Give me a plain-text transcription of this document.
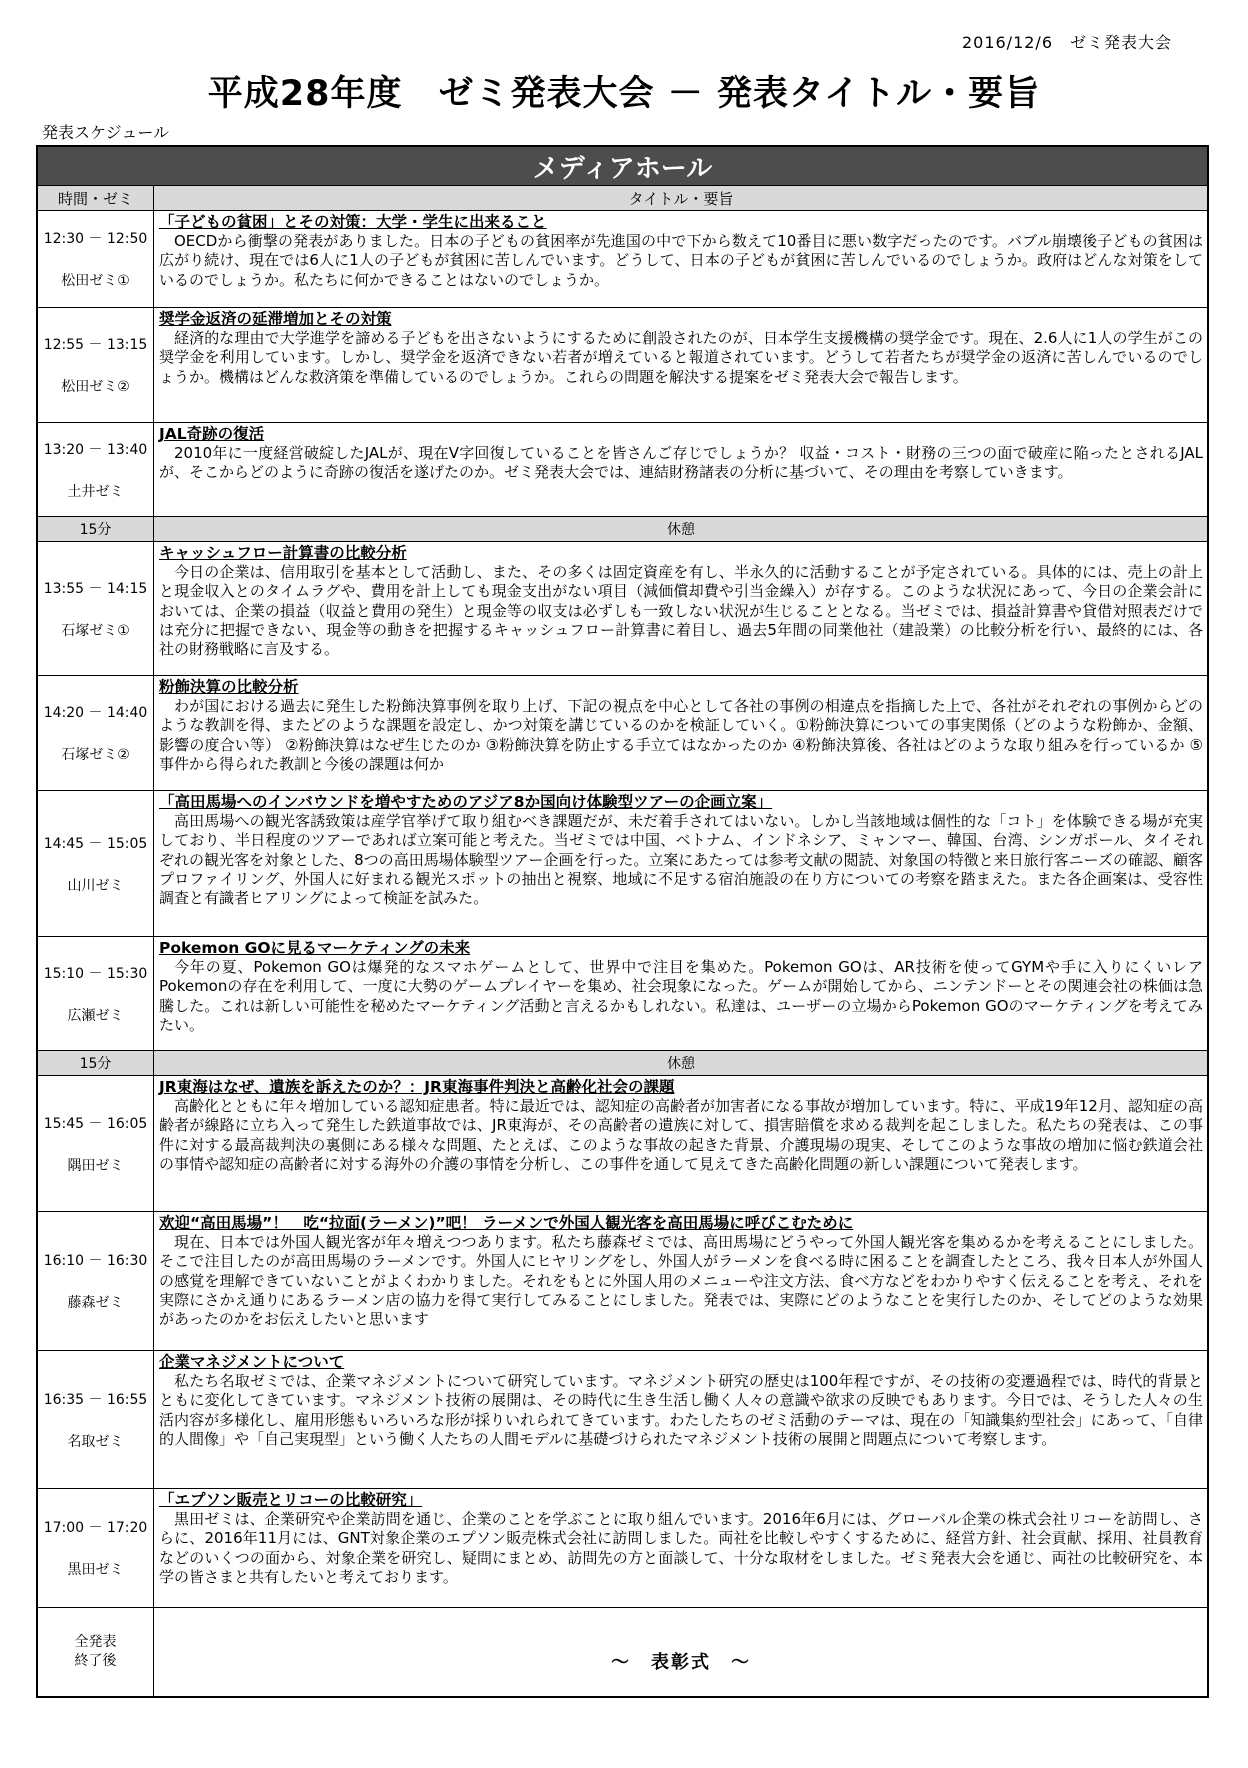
2016/12/6　ゼミ発表大会
平成28年度　ゼミ発表大会 － 発表タイトル・要旨
発表スケジュール
メディアホール
時間・ゼミ	タイトル・要旨
12:30 － 12:50
松田ゼミ①
「子どもの貧困」とその対策：大学・学生に出来ること
OECDから衝撃の発表がありました。日本の子どもの貧困率が先進国の中で下から数えて10番目に悪い数字だったのです。バブル崩壊後子どもの貧困は広がり続け、現在では6人に1人の子どもが貧困に苦しんでいます。どうして、日本の子どもが貧困に苦しんでいるのでしょうか。政府はどんな対策をしているのでしょうか。私たちに何かできることはないのでしょうか。
12:55 － 13:15
松田ゼミ②
奨学金返済の延滞増加とその対策
経済的な理由で大学進学を諦める子どもを出さないようにするために創設されたのが、日本学生支援機構の奨学金です。現在、2.6人に1人の学生がこの奨学金を利用しています。しかし、奨学金を返済できない若者が増えていると報道されています。どうして若者たちが奨学金の返済に苦しんでいるのでしょうか。機構はどんな救済策を準備しているのでしょうか。これらの問題を解決する提案をゼミ発表大会で報告します。
13:20 － 13:40
土井ゼミ
JAL奇跡の復活
2010年に一度経営破綻したJALが、現在V字回復していることを皆さんご存じでしょうか？ 収益・コスト・財務の三つの面で破産に陥ったとされるJALが、そこからどのように奇跡の復活を遂げたのか。ゼミ発表大会では、連結財務諸表の分析に基づいて、その理由を考察していきます。
15分	休憩
13:55 － 14:15
石塚ゼミ①
キャッシュフロー計算書の比較分析
今日の企業は、信用取引を基本として活動し、また、その多くは固定資産を有し、半永久的に活動することが予定されている。具体的には、売上の計上と現金収入とのタイムラグや、費用を計上しても現金支出がない項目（減価償却費や引当金繰入）が存する。このような状況にあって、今日の企業会計においては、企業の損益（収益と費用の発生）と現金等の収支は必ずしも一致しない状況が生じることとなる。当ゼミでは、損益計算書や貸借対照表だけでは充分に把握できない、現金等の動きを把握するキャッシュフロー計算書に着目し、過去5年間の同業他社（建設業）の比較分析を行い、最終的には、各社の財務戦略に言及する。
14:20 － 14:40
石塚ゼミ②
粉飾決算の比較分析
わが国における過去に発生した粉飾決算事例を取り上げ、下記の視点を中心として各社の事例の相違点を指摘した上で、各社がそれぞれの事例からどのような教訓を得、またどのような課題を設定し、かつ対策を講じているのかを検証していく。①粉飾決算についての事実関係（どのような粉飾か、金額、影響の度合い等） ②粉飾決算はなぜ生じたのか ③粉飾決算を防止する手立てはなかったのか ④粉飾決算後、各社はどのような取り組みを行っているか ⑤事件から得られた教訓と今後の課題は何か
14:45 － 15:05
山川ゼミ
「高田馬場へのインバウンドを増やすためのアジア8か国向け体験型ツアーの企画立案」
高田馬場への観光客誘致策は産学官挙げて取り組むべき課題だが、未だ着手されてはいない。しかし当該地域は個性的な「コト」を体験できる場が充実しており、半日程度のツアーであれば立案可能と考えた。当ゼミでは中国、ベトナム、インドネシア、ミャンマー、韓国、台湾、シンガポール、タイそれぞれの観光客を対象とした、8つの高田馬場体験型ツアー企画を行った。立案にあたっては参考文献の閲読、対象国の特徴と来日旅行客ニーズの確認、顧客プロファイリング、外国人に好まれる観光スポットの抽出と視察、地域に不足する宿泊施設の在り方についての考察を踏まえた。また各企画案は、受容性調査と有識者ヒアリングによって検証を試みた。
15:10 － 15:30
広瀬ゼミ
Pokemon GOに見るマーケティングの未来
今年の夏、Pokemon GOは爆発的なスマホゲームとして、世界中で注目を集めた。Pokemon GOは、AR技術を使ってGYMや手に入りにくいレアPokemonの存在を利用して、一度に大勢のゲームプレイヤーを集め、社会現象になった。ゲームが開始してから、ニンテンドーとその関連会社の株価は急騰した。これは新しい可能性を秘めたマーケティング活動と言えるかもしれない。私達は、ユーザーの立場からPokemon GOのマーケティングを考えてみたい。
15分	休憩
15:45 － 16:05
隅田ゼミ
JR東海はなぜ、遺族を訴えたのか？：JR東海事件判決と高齢化社会の課題
高齢化とともに年々増加している認知症患者。特に最近では、認知症の高齢者が加害者になる事故が増加しています。特に、平成19年12月、認知症の高齢者が線路に立ち入って発生した鉄道事故では、JR東海が、その高齢者の遺族に対して、損害賠償を求める裁判を起こしました。私たちの発表は、この事件に対する最高裁判決の裏側にある様々な問題、たとえば、このような事故の起きた背景、介護現場の現実、そしてこのような事故の増加に悩む鉄道会社の事情や認知症の高齢者に対する海外の介護の事情を分析し、この事件を通して見えてきた高齢化問題の新しい課題について発表します。
16:10 － 16:30
藤森ゼミ
欢迎“高田馬場”！　吃“拉面(ラーメン)”吧！ ラーメンで外国人観光客を高田馬場に呼びこむために
現在、日本では外国人観光客が年々増えつつあります。私たち藤森ゼミでは、高田馬場にどうやって外国人観光客を集めるかを考えることにしました。そこで注目したのが高田馬場のラーメンです。外国人にヒヤリングをし、外国人がラーメンを食べる時に困ることを調査したところ、我々日本人が外国人の感覚を理解できていないことがよくわかりました。それをもとに外国人用のメニューや注文方法、食べ方などをわかりやすく伝えることを考え、それを実際にさかえ通りにあるラーメン店の協力を得て実行してみることにしました。発表では、実際にどのようなことを実行したのか、そしてどのような効果があったのかをお伝えしたいと思います
16:35 － 16:55
名取ゼミ
企業マネジメントについて
私たち名取ゼミでは、企業マネジメントについて研究しています。マネジメント研究の歴史は100年程ですが、その技術の変遷過程では、時代的背景とともに変化してきています。マネジメント技術の展開は、その時代に生き生活し働く人々の意識や欲求の反映でもあります。今日では、そうした人々の生活内容が多様化し、雇用形態もいろいろな形が採りいれられてきています。わたしたちのゼミ活動のテーマは、現在の「知識集約型社会」にあって、「自律的人間像」や「自己実現型」という働く人たちの人間モデルに基礎づけられたマネジメント技術の展開と問題点について考察します。
17:00 － 17:20
黒田ゼミ
「エプソン販売とリコーの比較研究」
黒田ゼミは、企業研究や企業訪問を通じ、企業のことを学ぶことに取り組んでいます。2016年6月には、グローバル企業の株式会社リコーを訪問し、さらに、2016年11月には、GNT対象企業のエプソン販売株式会社に訪問しました。両社を比較しやすくするために、経営方針、社会貢献、採用、社員教育などのいくつの面から、対象企業を研究し、疑問にまとめ、訪問先の方と面談して、十分な取材をしました。ゼミ発表大会を通じ、両社の比較研究を、本学の皆さまと共有したいと考えております。
全発表
終了後	～　表彰式　～
